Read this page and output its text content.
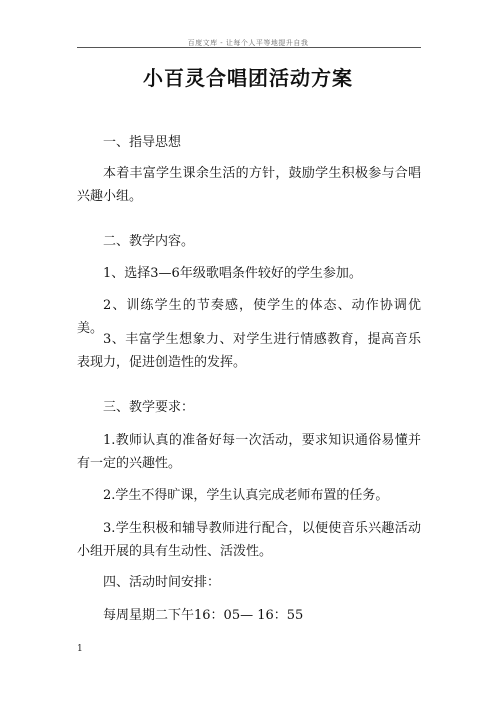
百度文库 - 让每个人平等地提升自我
小百灵合唱团活动方案

一、指导思想

本着丰富学生课余生活的方针，鼓励学生积极参与合唱兴趣小组。

二、教学内容。

1、选择3—6年级歌唱条件较好的学生参加。

2、训练学生的节奏感，使学生的体态、动作协调优美。

3、丰富学生想象力、对学生进行情感教育，提高音乐表现力，促进创造性的发挥。

三、教学要求：

1.教师认真的准备好每一次活动，要求知识通俗易懂并有一定的兴趣性。

2.学生不得旷课，学生认真完成老师布置的任务。

3.学生积极和辅导教师进行配合，以便使音乐兴趣活动小组开展的具有生动性、活泼性。

四、活动时间安排：

每周星期二下午16：05— 16：55

1
